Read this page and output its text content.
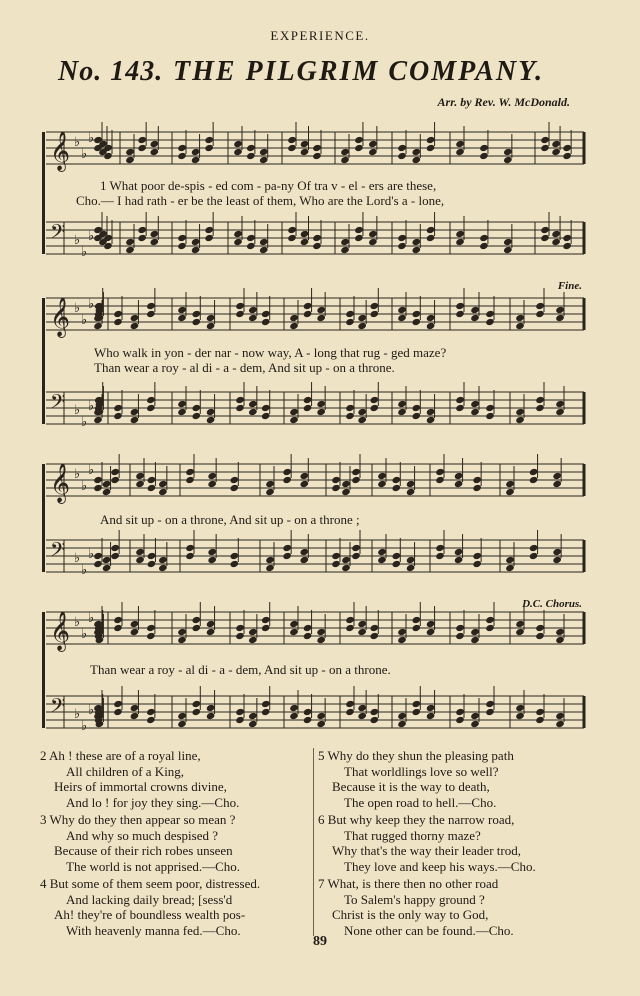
EXPERIENCE.
No. 143. THE PILGRIM COMPANY.
Arr. by Rev. W. McDonald.
𝄞 ♭
♭
♭
𝄢 ♭
♭
♭
𝄞 ♭
♭
♭
𝄢 ♭
♭
♭
𝄞 ♭
♭
♭
𝄢 ♭
♭
♭
𝄞 ♭
♭
♭
𝄢 ♭
♭
♭
1 What poor de-spis - ed com - pa-ny Of tra v - el - ers are these,
Cho.— I had rath - er be the least of them, Who are the Lord's a - lone,
Fine.
Who walk in yon - der nar - now way, A - long that rug - ged maze?
Than wear a roy - al di - a - dem, And sit up - on a throne.
And sit up - on a throne, And sit up - on a throne ;
D.C. Chorus.
Than wear a roy - al di - a - dem, And sit up - on a throne.
2 Ah ! these are of a royal line,
All children of a King,
Heirs of immortal crowns divine,
And lo ! for joy they sing.—Cho.
3 Why do they then appear so mean ?
And why so much despised ?
Because of their rich robes unseen
The world is not apprised.—Cho.
4 But some of them seem poor, distressed.
And lacking daily bread; [sess'd
Ah! they're of boundless wealth pos-
With heavenly manna fed.—Cho.
5 Why do they shun the pleasing path
That worldlings love so well?
Because it is the way to death,
The open road to hell.—Cho.
6 But why keep they the narrow road,
That rugged thorny maze?
Why that's the way their leader trod,
They love and keep his ways.—Cho.
7 What, is there then no other road
To Salem's happy ground ?
Christ is the only way to God,
None other can be found.—Cho.
89
